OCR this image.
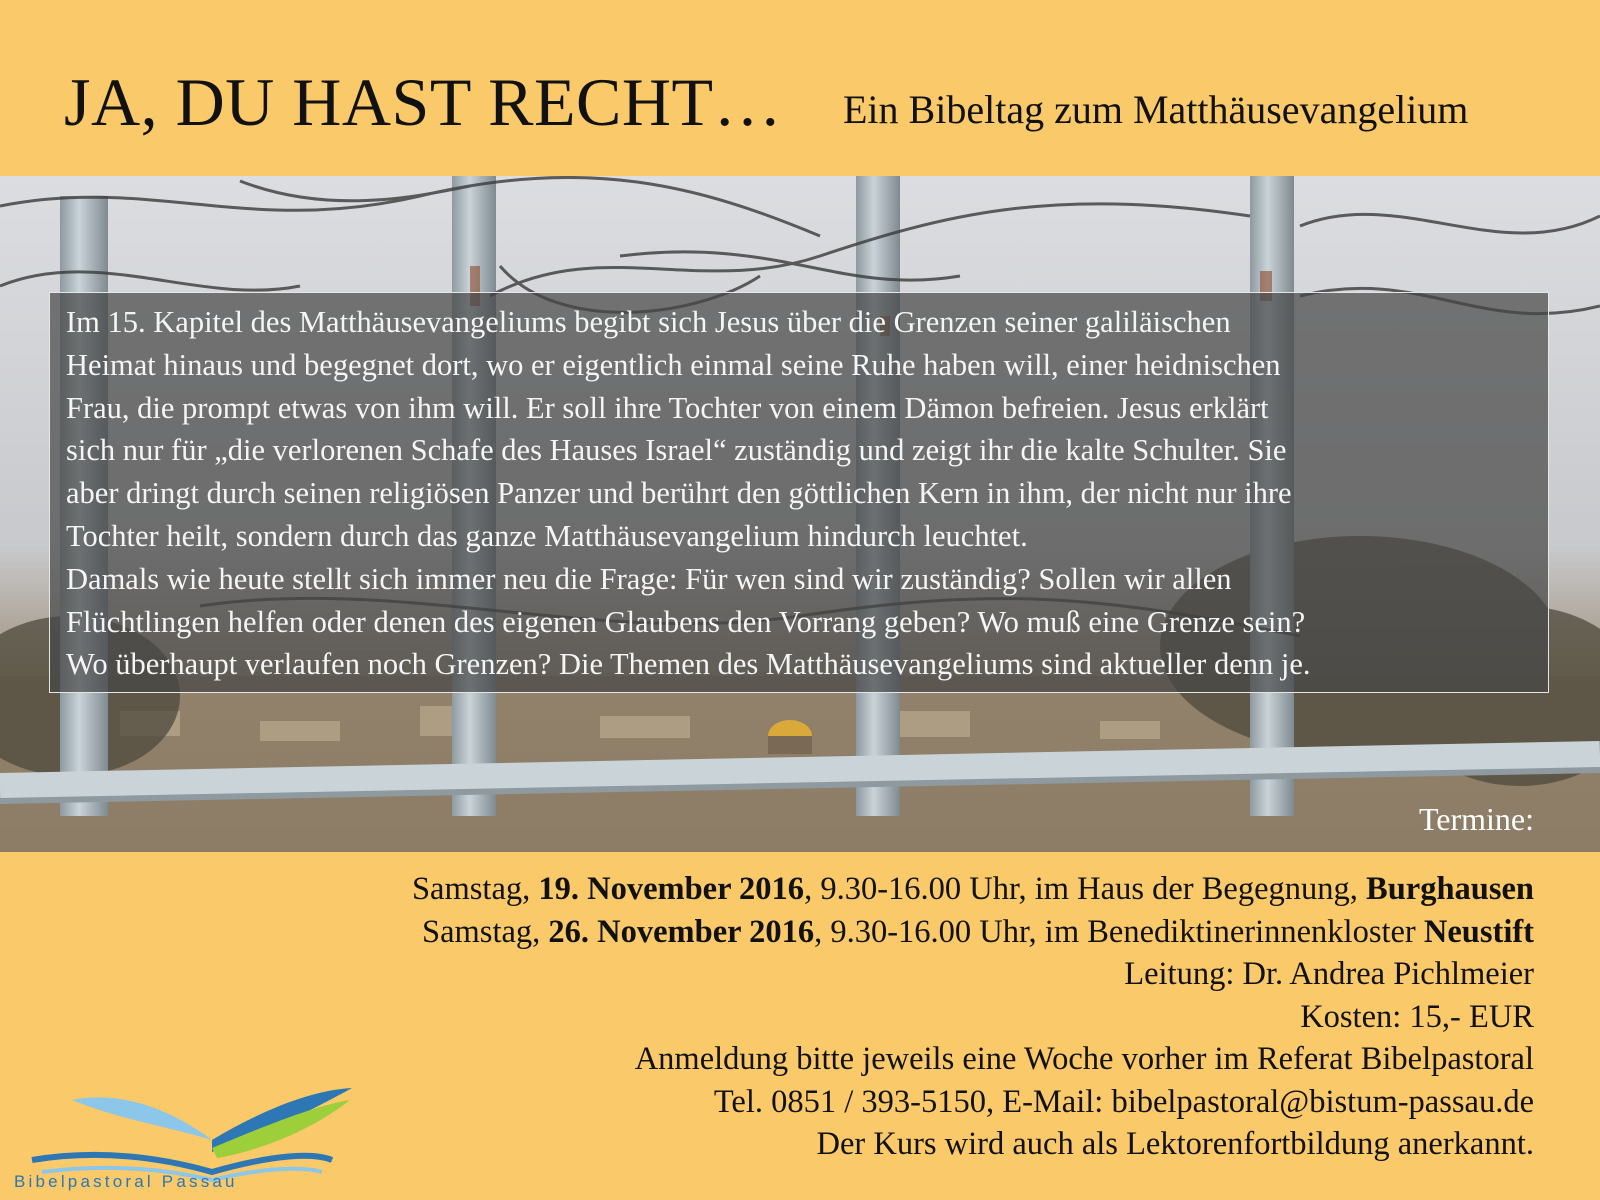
JA, DU HAST RECHT… Ein Bibeltag zum Matthäusevangelium

Im 15. Kapitel des Matthäusevangeliums begibt sich Jesus über die Grenzen seiner galiläischen

Heimat hinaus und begegnet dort, wo er eigentlich einmal seine Ruhe haben will, einer heidnischen

Frau, die prompt etwas von ihm will. Er soll ihre Tochter von einem Dämon befreien. Jesus erklärt

sich nur für „die verlorenen Schafe des Hauses Israel“ zuständig und zeigt ihr die kalte Schulter. Sie

aber dringt durch seinen religiösen Panzer und berührt den göttlichen Kern in ihm, der nicht nur ihre

Tochter heilt, sondern durch das ganze Matthäusevangelium hindurch leuchtet.

Damals wie heute stellt sich immer neu die Frage: Für wen sind wir zuständig? Sollen wir allen

Flüchtlingen helfen oder denen des eigenen Glaubens den Vorrang geben? Wo muß eine Grenze sein?

Wo überhaupt verlaufen noch Grenzen? Die Themen des Matthäusevangeliums sind aktueller denn je.

Termine:
Samstag, 19. November 2016, 9.30-16.00 Uhr, im Haus der Begegnung, Burghausen
Samstag, 26. November 2016, 9.30-16.00 Uhr, im Benediktinerinnenkloster Neustift
Leitung: Dr. Andrea Pichlmeier
Kosten: 15,- EUR
Anmeldung bitte jeweils eine Woche vorher im Referat Bibelpastoral
Tel. 0851 / 393-5150, E-Mail: bibelpastoral@bistum-passau.de
Der Kurs wird auch als Lektorenfortbildung anerkannt.
Bibelpastoral Passau
